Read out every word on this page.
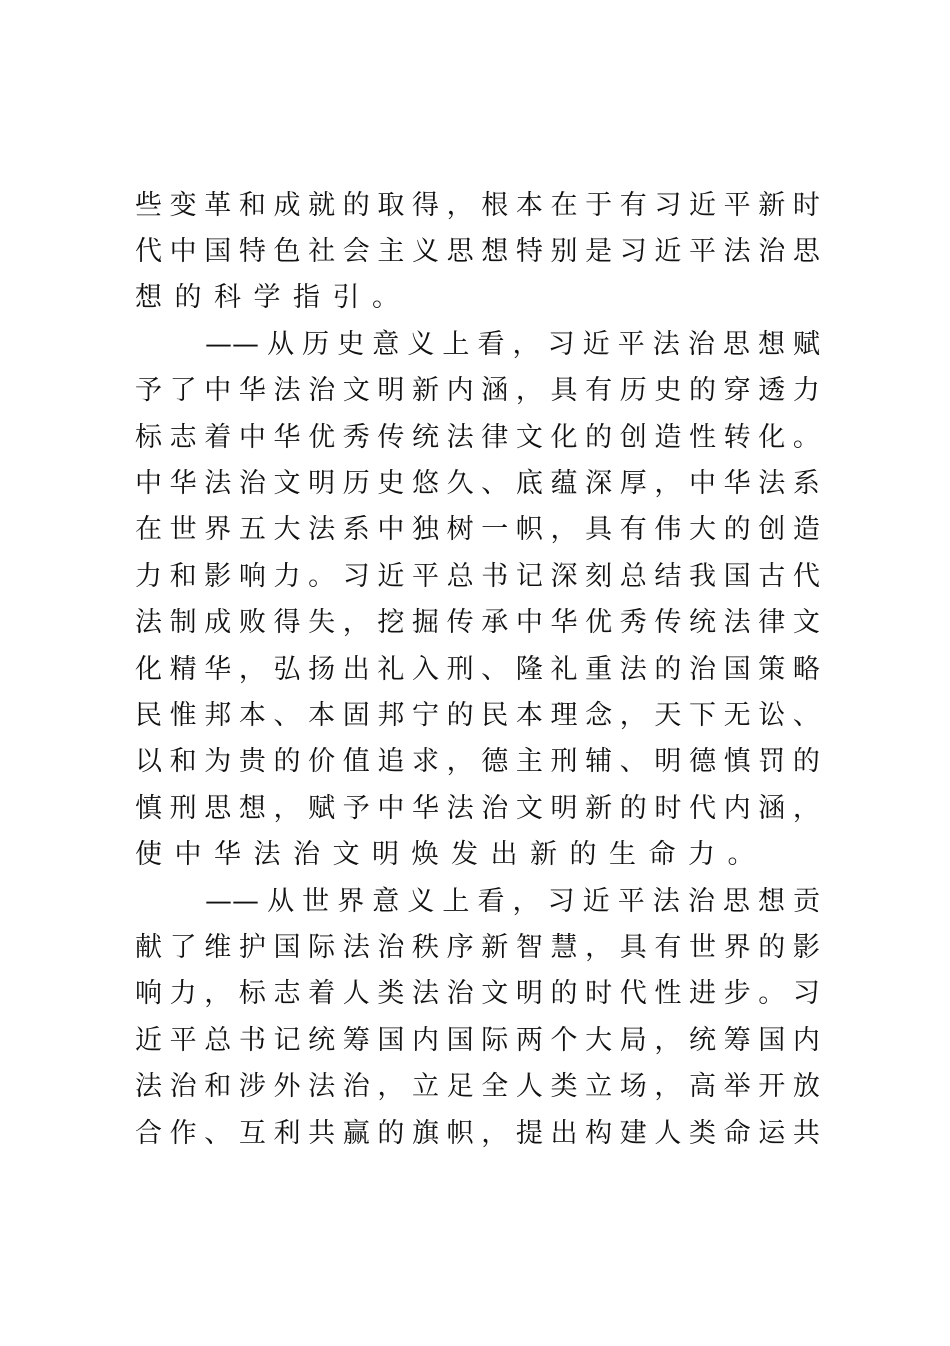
些 变 革 和 成 就 的 取 得 ， 根 本 在 于 有 习 近 平 新 时
代 中 国 特 色 社 会 主 义 思 想 特 别 是 习 近 平 法 治 思
想 的 科 学 指 引 。
—— 从 历 史 意 义 上 看 ， 习 近 平 法 治 思 想 赋
予 了 中 华 法 治 文 明 新 内 涵 ， 具 有 历 史 的 穿 透 力
标 志 着 中 华 优 秀 传 统 法 律 文 化 的 创 造 性 转 化 。
中 华 法 治 文 明 历 史 悠 久 、 底 蕴 深 厚 ， 中 华 法 系
在 世 界 五 大 法 系 中 独 树 一 帜 ， 具 有 伟 大 的 创 造
力 和 影 响 力 。 习 近 平 总 书 记 深 刻 总 结 我 国 古 代
法 制 成 败 得 失 ， 挖 掘 传 承 中 华 优 秀 传 统 法 律 文
化 精 华 ， 弘 扬 出 礼 入 刑 、 隆 礼 重 法 的 治 国 策 略
民 惟 邦 本 、 本 固 邦 宁 的 民 本 理 念 ， 天 下 无 讼 、
以 和 为 贵 的 价 值 追 求 ， 德 主 刑 辅 、 明 德 慎 罚 的
慎 刑 思 想 ， 赋 予 中 华 法 治 文 明 新 的 时 代 内 涵 ，
使 中 华 法 治 文 明 焕 发 出 新 的 生 命 力 。
—— 从 世 界 意 义 上 看 ， 习 近 平 法 治 思 想 贡
献 了 维 护 国 际 法 治 秩 序 新 智 慧 ， 具 有 世 界 的 影
响 力 ， 标 志 着 人 类 法 治 文 明 的 时 代 性 进 步 。 习
近 平 总 书 记 统 筹 国 内 国 际 两 个 大 局 ， 统 筹 国 内
法 治 和 涉 外 法 治 ， 立 足 全 人 类 立 场 ， 高 举 开 放
合 作 、 互 利 共 赢 的 旗 帜 ， 提 出 构 建 人 类 命 运 共
